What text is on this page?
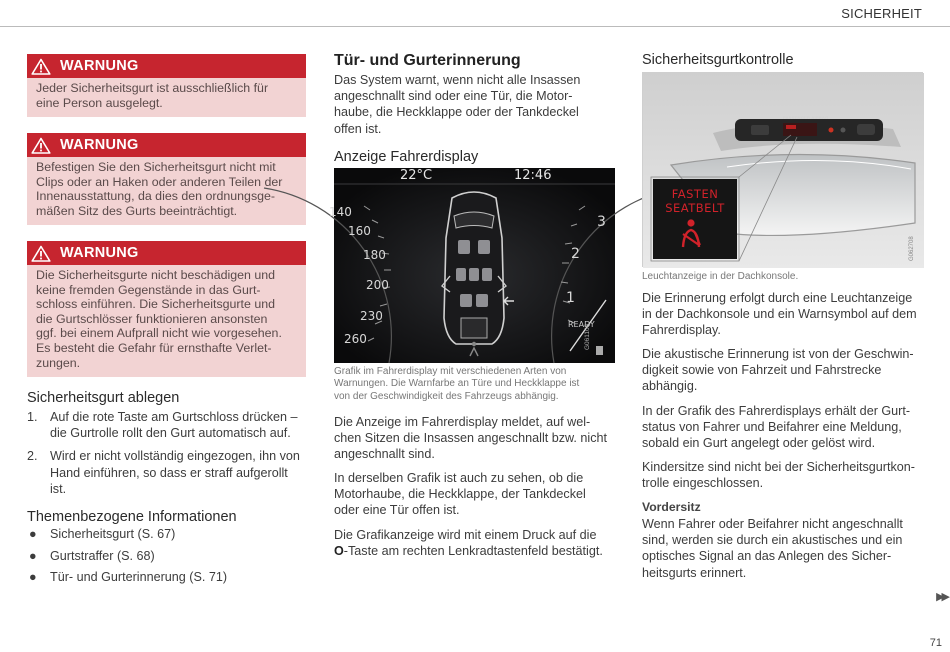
SICHERHEIT
WARNUNG
Jeder Sicherheitsgurt ist ausschließlich für
eine Person ausgelegt.
WARNUNG
Befestigen Sie den Sicherheitsgurt nicht mit
Clips oder an Haken oder anderen Teilen der
Innenausstattung, da dies den ordnungsge-
mäßen Sitz des Gurts beeinträchtigt.
WARNUNG
Die Sicherheitsgurte nicht beschädigen und
keine fremden Gegenstände in das Gurt-
schloss einführen. Die Sicherheitsgurte und
die Gurtschlösser funktionieren ansonsten
ggf. bei einem Aufprall nicht wie vorgesehen.
Es besteht die Gefahr für ernsthafte Verlet-
zungen.
Sicherheitsgurt ablegen
1. Auf die rote Taste am Gurtschloss drücken –
die Gurtrolle rollt den Gurt automatisch auf.
2. Wird er nicht vollständig eingezogen, ihn von
Hand einführen, so dass er straff aufgerollt
ist.
Themenbezogene Informationen
● Sicherheitsgurt (S. 67)
● Gurtstraffer (S. 68)
● Tür- und Gurterinnerung (S. 71)
Tür- und Gurterinnerung
Das System warnt, wenn nicht alle Insassen
angeschnallt sind oder eine Tür, die Motor-
haube, die Heckklappe oder der Tankdeckel
offen ist.
Anzeige Fahrerdisplay
22°C	12:46
140
160
180
200
230
260
3
2
1
READY
G061108
Grafik im Fahrerdisplay mit verschiedenen Arten von
Warnungen. Die Warnfarbe an Türe und Heckklappe ist
von der Geschwindigkeit des Fahrzeugs abhängig.
Die Anzeige im Fahrerdisplay meldet, auf wel-
chen Sitzen die Insassen angeschnallt bzw. nicht
angeschnallt sind.
In derselben Grafik ist auch zu sehen, ob die
Motorhaube, die Heckklappe, der Tankdeckel
oder eine Tür offen ist.
Die Grafikanzeige wird mit einem Druck auf die
O-Taste am rechten Lenkradtastenfeld bestätigt.
Sicherheitsgurtkontrolle
FASTEN
SEATBELT
PASSENGER AIRBAG
G062708
Leuchtanzeige in der Dachkonsole.
Die Erinnerung erfolgt durch eine Leuchtanzeige
in der Dachkonsole und ein Warnsymbol auf dem
Fahrerdisplay.
Die akustische Erinnerung ist von der Geschwin-
digkeit sowie von Fahrzeit und Fahrstrecke
abhängig.
In der Grafik des Fahrerdisplays erhält der Gurt-
status von Fahrer und Beifahrer eine Meldung,
sobald ein Gurt angelegt oder gelöst wird.
Kindersitze sind nicht bei der Sicherheitsgurtkon-
trolle eingeschlossen.
Vordersitz
Wenn Fahrer oder Beifahrer nicht angeschnallt
sind, werden sie durch ein akustisches und ein
optisches Signal an das Anlegen des Sicher-
heitsgurts erinnert.
▶▶
71
